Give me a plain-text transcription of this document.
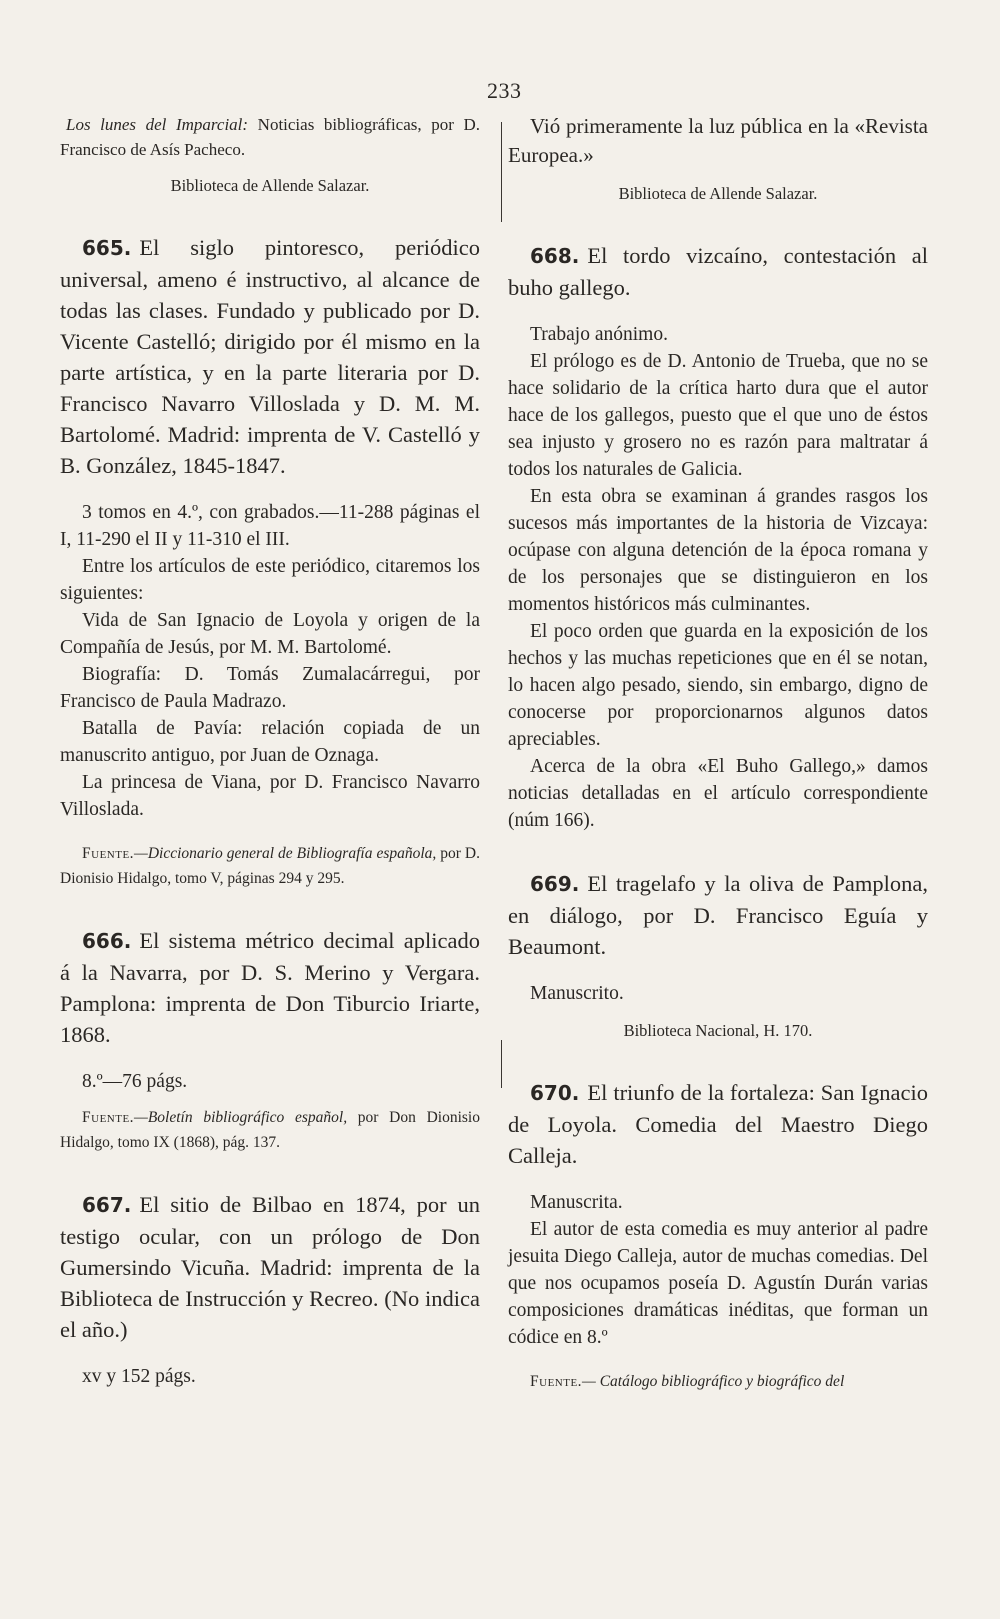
233

Los lunes del Imparcial: Noticias bibliográficas, por D. Francisco de Asís Pacheco.

Biblioteca de Allende Salazar.

665. El siglo pintoresco, periódico universal, ameno é instructivo, al alcance de todas las clases. Fundado y publicado por D. Vicente Castelló; dirigido por él mismo en la parte artística, y en la parte literaria por D. Francisco Navarro Villoslada y D. M. M. Bartolomé. Madrid: imprenta de V. Castelló y B. González, 1845-1847.

3 tomos en 4.º, con grabados.—11-288 páginas el I, 11-290 el II y 11-310 el III.

Entre los artículos de este periódico, citaremos los siguientes:

Vida de San Ignacio de Loyola y origen de la Compañía de Jesús, por M. M. Bartolomé.

Biografía: D. Tomás Zumalacárregui, por Francisco de Paula Madrazo.

Batalla de Pavía: relación copiada de un manuscrito antiguo, por Juan de Oznaga.

La princesa de Viana, por D. Francisco Navarro Villoslada.

Fuente.—Diccionario general de Bibliografía española, por D. Dionisio Hidalgo, tomo V, páginas 294 y 295.

666. El sistema métrico decimal aplicado á la Navarra, por D. S. Merino y Vergara. Pamplona: imprenta de Don Tiburcio Iriarte, 1868.

8.º—76 págs.

Fuente.—Boletín bibliográfico español, por Don Dionisio Hidalgo, tomo IX (1868), pág. 137.

667. El sitio de Bilbao en 1874, por un testigo ocular, con un prólogo de Don Gumersindo Vicuña. Madrid: imprenta de la Biblioteca de Instrucción y Recreo. (No indica el año.)

xv y 152 págs.

Vió primeramente la luz pública en la «Revista Europea.»

Biblioteca de Allende Salazar.

668. El tordo vizcaíno, contestación al buho gallego.

Trabajo anónimo.

El prólogo es de D. Antonio de Trueba, que no se hace solidario de la crítica harto dura que el autor hace de los gallegos, puesto que el que uno de éstos sea injusto y grosero no es razón para maltratar á todos los naturales de Galicia.

En esta obra se examinan á grandes rasgos los sucesos más importantes de la historia de Vizcaya: ocúpase con alguna detención de la época romana y de los personajes que se distinguieron en los momentos históricos más culminantes.

El poco orden que guarda en la exposición de los hechos y las muchas repeticiones que en él se notan, lo hacen algo pesado, siendo, sin embargo, digno de conocerse por proporcionarnos algunos datos apreciables.

Acerca de la obra «El Buho Gallego,» damos noticias detalladas en el artículo correspondiente (núm 166).

669. El tragelafo y la oliva de Pamplona, en diálogo, por D. Francisco Eguía y Beaumont.

Manuscrito.

Biblioteca Nacional, H. 170.

670. El triunfo de la fortaleza: San Ignacio de Loyola. Comedia del Maestro Diego Calleja.

Manuscrita.

El autor de esta comedia es muy anterior al padre jesuita Diego Calleja, autor de muchas comedias. Del que nos ocupamos poseía D. Agustín Durán varias composiciones dramáticas inéditas, que forman un códice en 8.º

Fuente.— Catálogo bibliográfico y biográfico del
